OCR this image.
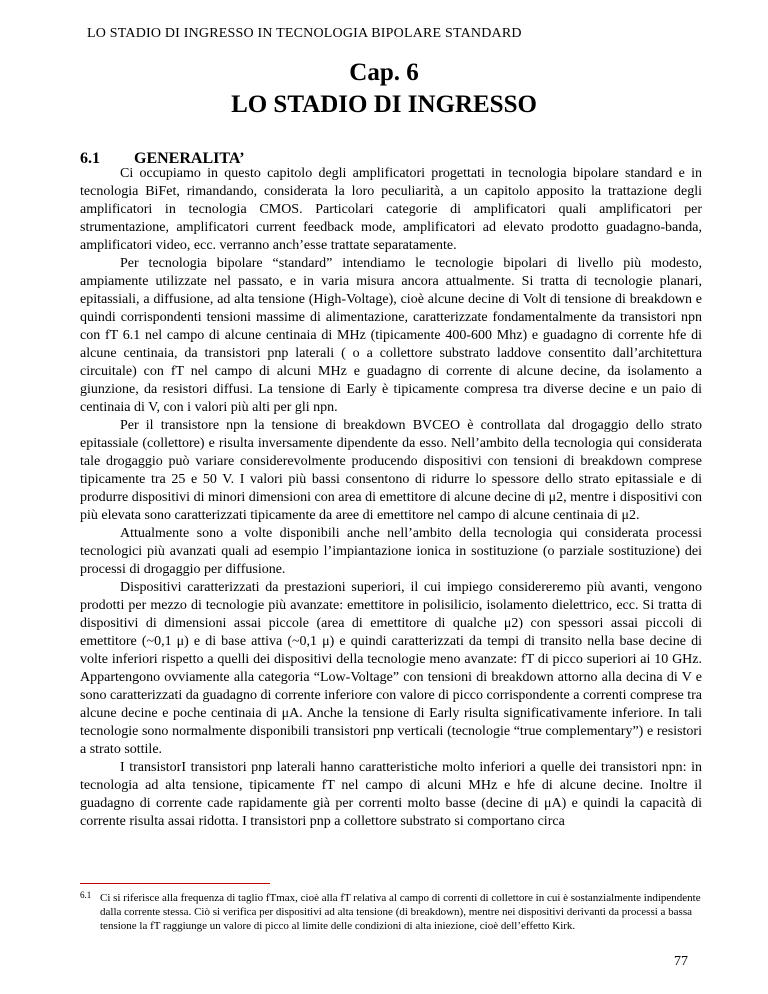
LO STADIO DI INGRESSO IN TECNOLOGIA BIPOLARE STANDARD
Cap. 6
LO STADIO DI INGRESSO
6.1 GENERALITA’

Ci occupiamo in questo capitolo degli amplificatori progettati in tecnologia bipolare standard e in tecnologia BiFet, rimandando, considerata la loro peculiarità, a un capitolo apposito la trattazione degli amplificatori in tecnologia CMOS. Particolari categorie di amplificatori quali amplificatori per strumentazione, amplificatori current feedback mode, amplificatori ad elevato prodotto guadagno-banda, amplificatori video, ecc. verranno anch’esse trattate separatamente.

Per tecnologia bipolare “standard” intendiamo le tecnologie bipolari di livello più modesto, ampiamente utilizzate nel passato, e in varia misura ancora attualmente. Si tratta di tecnologie planari, epitassiali, a diffusione, ad alta tensione (High-Voltage), cioè alcune decine di Volt di tensione di breakdown e quindi corrispondenti tensioni massime di alimentazione, caratterizzate fondamentalmente da transistori npn con fT 6.1 nel campo di alcune centinaia di MHz (tipicamente 400-600 Mhz) e guadagno di corrente hfe di alcune centinaia, da transistori pnp laterali ( o a collettore substrato laddove consentito dall’architettura circuitale) con fT nel campo di alcuni MHz e guadagno di corrente di alcune decine, da isolamento a giunzione, da resistori diffusi. La tensione di Early è tipicamente compresa tra diverse decine e un paio di centinaia di V, con i valori più alti per gli npn.

Per il transistore npn la tensione di breakdown BVCEO è controllata dal drogaggio dello strato epitassiale (collettore) e risulta inversamente dipendente da esso. Nell’ambito della tecnologia qui considerata tale drogaggio può variare considerevolmente producendo dispositivi con tensioni di breakdown comprese tipicamente tra 25 e 50 V. I valori più bassi consentono di ridurre lo spessore dello strato epitassiale e di produrre dispositivi di minori dimensioni con area di emettitore di alcune decine di μ2, mentre i dispositivi con più elevata sono caratterizzati tipicamente da aree di emettitore nel campo di alcune centinaia di μ2.

Attualmente sono a volte disponibili anche nell’ambito della tecnologia qui considerata processi tecnologici più avanzati quali ad esempio l’impiantazione ionica in sostituzione (o parziale sostituzione) dei processi di drogaggio per diffusione.

Dispositivi caratterizzati da prestazioni superiori, il cui impiego considereremo più avanti, vengono prodotti per mezzo di tecnologie più avanzate: emettitore in polisilicio, isolamento dielettrico, ecc. Si tratta di dispositivi di dimensioni assai piccole (area di emettitore di qualche μ2) con spessori assai piccoli di emettitore (~0,1 μ) e di base attiva (~0,1 μ) e quindi caratterizzati da tempi di transito nella base decine di volte inferiori rispetto a quelli dei dispositivi della tecnologie meno avanzate: fT di picco superiori ai 10 GHz. Appartengono ovviamente alla categoria “Low-Voltage” con tensioni di breakdown attorno alla decina di V e sono caratterizzati da guadagno di corrente inferiore con valore di picco corrispondente a correnti comprese tra alcune decine e poche centinaia di μA. Anche la tensione di Early risulta significativamente inferiore. In tali tecnologie sono normalmente disponibili transistori pnp verticali (tecnologie “true complementary”) e resistori a strato sottile.

I transistorI transistori pnp laterali hanno caratteristiche molto inferiori a quelle dei transistori npn: in tecnologia ad alta tensione, tipicamente fT nel campo di alcuni MHz e hfe di alcune decine. Inoltre il guadagno di corrente cade rapidamente già per correnti molto basse (decine di μA) e quindi la capacità di corrente risulta assai ridotta. I transistori pnp a collettore substrato si comportano circa

6.1 Ci si riferisce alla frequenza di taglio fTmax, cioè alla fT relativa al campo di correnti di collettore in cui è sostanzialmente indipendente dalla corrente stessa. Ciò si verifica per dispositivi ad alta tensione (di breakdown), mentre nei dispositivi derivanti da processi a bassa tensione la fT raggiunge un valore di picco al limite delle condizioni di alta iniezione, cioè dell’effetto Kirk.
77
